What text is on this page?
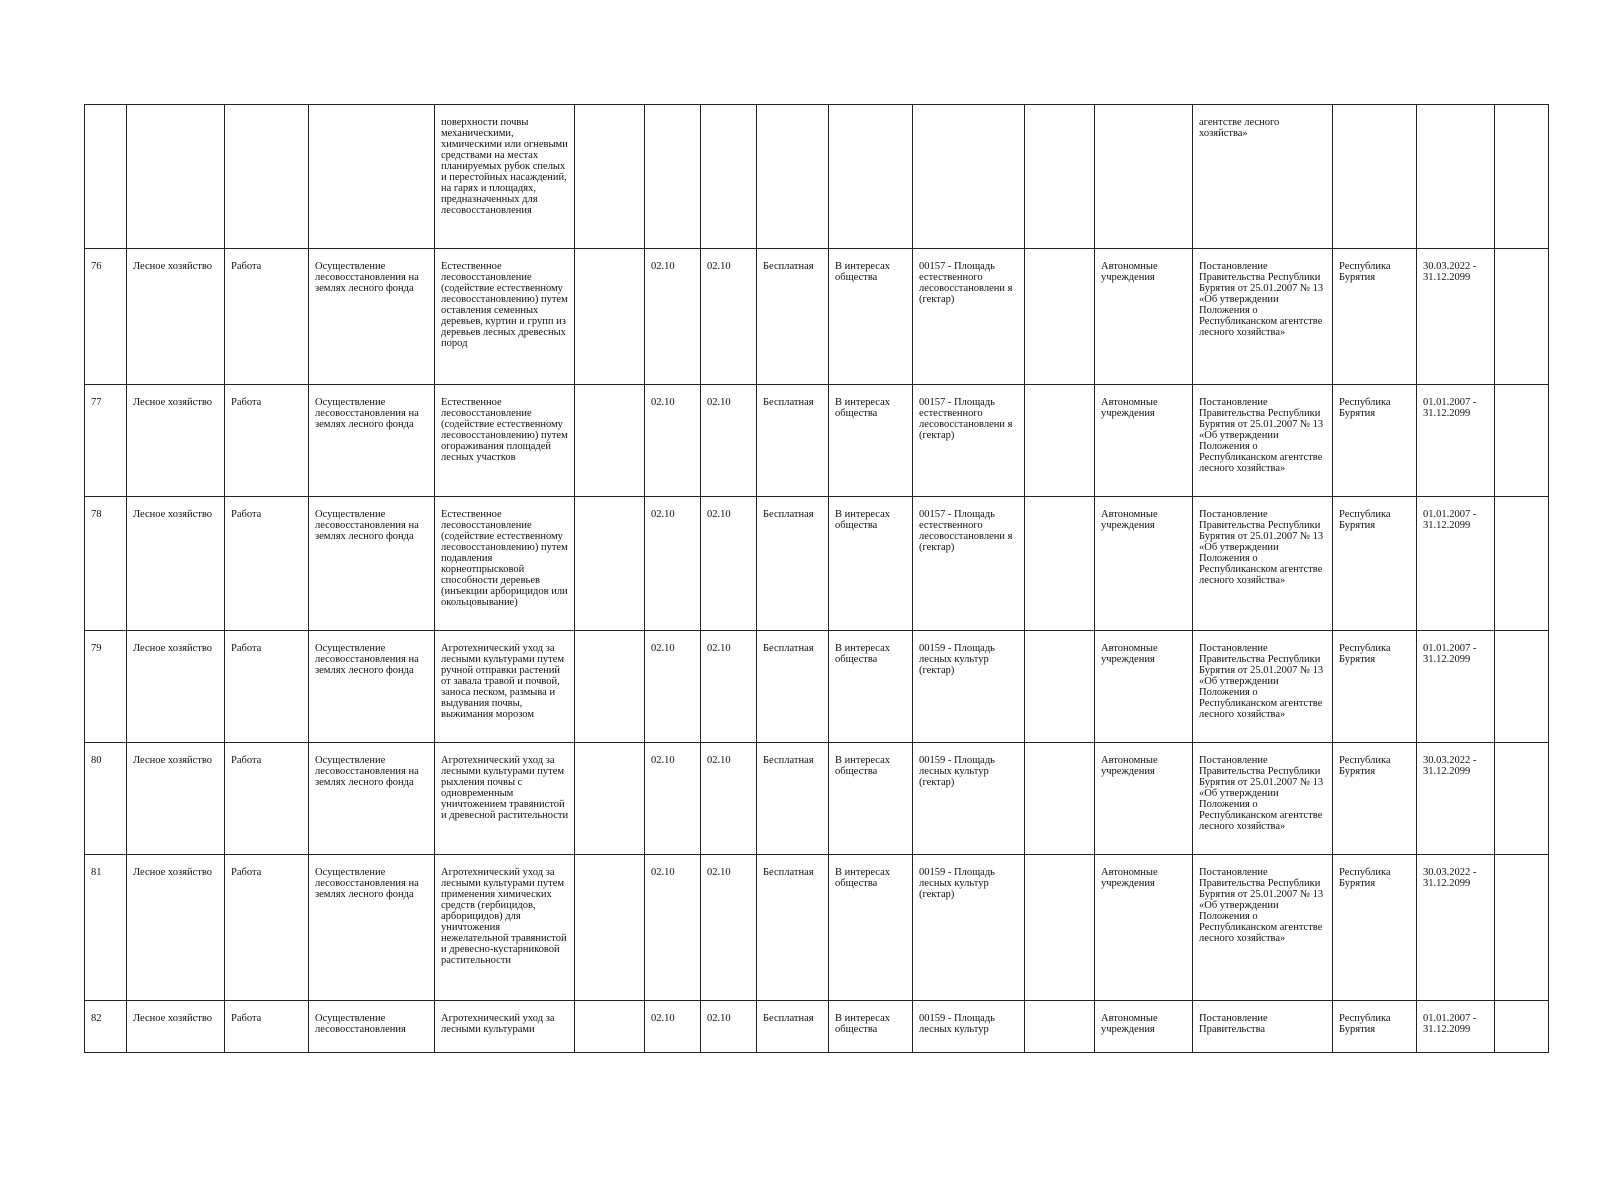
				поверхности почвы механическими, химическими или огневыми средствами на местах планируемых рубок спелых и перестойных насаждений, на гарях и площадях, предназначенных для лесовосстановления									агентстве лесного хозяйства»			
76	Лесное хозяйство	Работа	Осуществление лесовосстановления на землях лесного фонда	Естественное лесовосстановление (содействие естественному лесовосстановлению) путем оставления семенных деревьев, куртин и групп из деревьев лесных древесных пород		02.10	02.10	Бесплатная	В интересах общества	00157 - Площадь естественного лесовосстановлени я (гектар)		Автономные учреждения	Постановление Правительства Республики Бурятия от 25.01.2007 № 13 «Об утверждении Положения о Республиканском агентстве лесного хозяйства»	Республика Бурятия	30.03.2022 - 31.12.2099	
77	Лесное хозяйство	Работа	Осуществление лесовосстановления на землях лесного фонда	Естественное лесовосстановление (содействие естественному лесовосстановлению) путем огораживания площадей лесных участков		02.10	02.10	Бесплатная	В интересах общества	00157 - Площадь естественного лесовосстановлени я (гектар)		Автономные учреждения	Постановление Правительства Республики Бурятия от 25.01.2007 № 13 «Об утверждении Положения о Республиканском агентстве лесного хозяйства»	Республика Бурятия	01.01.2007 - 31.12.2099	
78	Лесное хозяйство	Работа	Осуществление лесовосстановления на землях лесного фонда	Естественное лесовосстановление (содействие естественному лесовосстановлению) путем подавления корнеотпрысковой способности деревьев (инъекции арборицидов или окольцовывание)		02.10	02.10	Бесплатная	В интересах общества	00157 - Площадь естественного лесовосстановлени я (гектар)		Автономные учреждения	Постановление Правительства Республики Бурятия от 25.01.2007 № 13 «Об утверждении Положения о Республиканском агентстве лесного хозяйства»	Республика Бурятия	01.01.2007 - 31.12.2099	
79	Лесное хозяйство	Работа	Осуществление лесовосстановления на землях лесного фонда	Агротехнический уход за лесными культурами путем ручной отправки растений от завала травой и почвой, заноса песком, размыва и выдувания почвы, выжимания морозом		02.10	02.10	Бесплатная	В интересах общества	00159 - Площадь лесных культур (гектар)		Автономные учреждения	Постановление Правительства Республики Бурятия от 25.01.2007 № 13 «Об утверждении Положения о Республиканском агентстве лесного хозяйства»	Республика Бурятия	01.01.2007 - 31.12.2099	
80	Лесное хозяйство	Работа	Осуществление лесовосстановления на землях лесного фонда	Агротехнический уход за лесными культурами путем рыхления почвы с одновременным уничтожением травянистой и древесной растительности		02.10	02.10	Бесплатная	В интересах общества	00159 - Площадь лесных культур (гектар)		Автономные учреждения	Постановление Правительства Республики Бурятия от 25.01.2007 № 13 «Об утверждении Положения о Республиканском агентстве лесного хозяйства»	Республика Бурятия	30.03.2022 - 31.12.2099	
81	Лесное хозяйство	Работа	Осуществление лесовосстановления на землях лесного фонда	Агротехнический уход за лесными культурами путем применения химических средств (гербицидов, арборицидов) для уничтожения нежелательной травянистой и древесно-кустарниковой растительности		02.10	02.10	Бесплатная	В интересах общества	00159 - Площадь лесных культур (гектар)		Автономные учреждения	Постановление Правительства Республики Бурятия от 25.01.2007 № 13 «Об утверждении Положения о Республиканском агентстве лесного хозяйства»	Республика Бурятия	30.03.2022 - 31.12.2099	
82	Лесное хозяйство	Работа	Осуществление лесовосстановления	Агротехнический уход за лесными культурами		02.10	02.10	Бесплатная	В интересах общества	00159 - Площадь лесных культур		Автономные учреждения	Постановление Правительства	Республика Бурятия	01.01.2007 - 31.12.2099	
